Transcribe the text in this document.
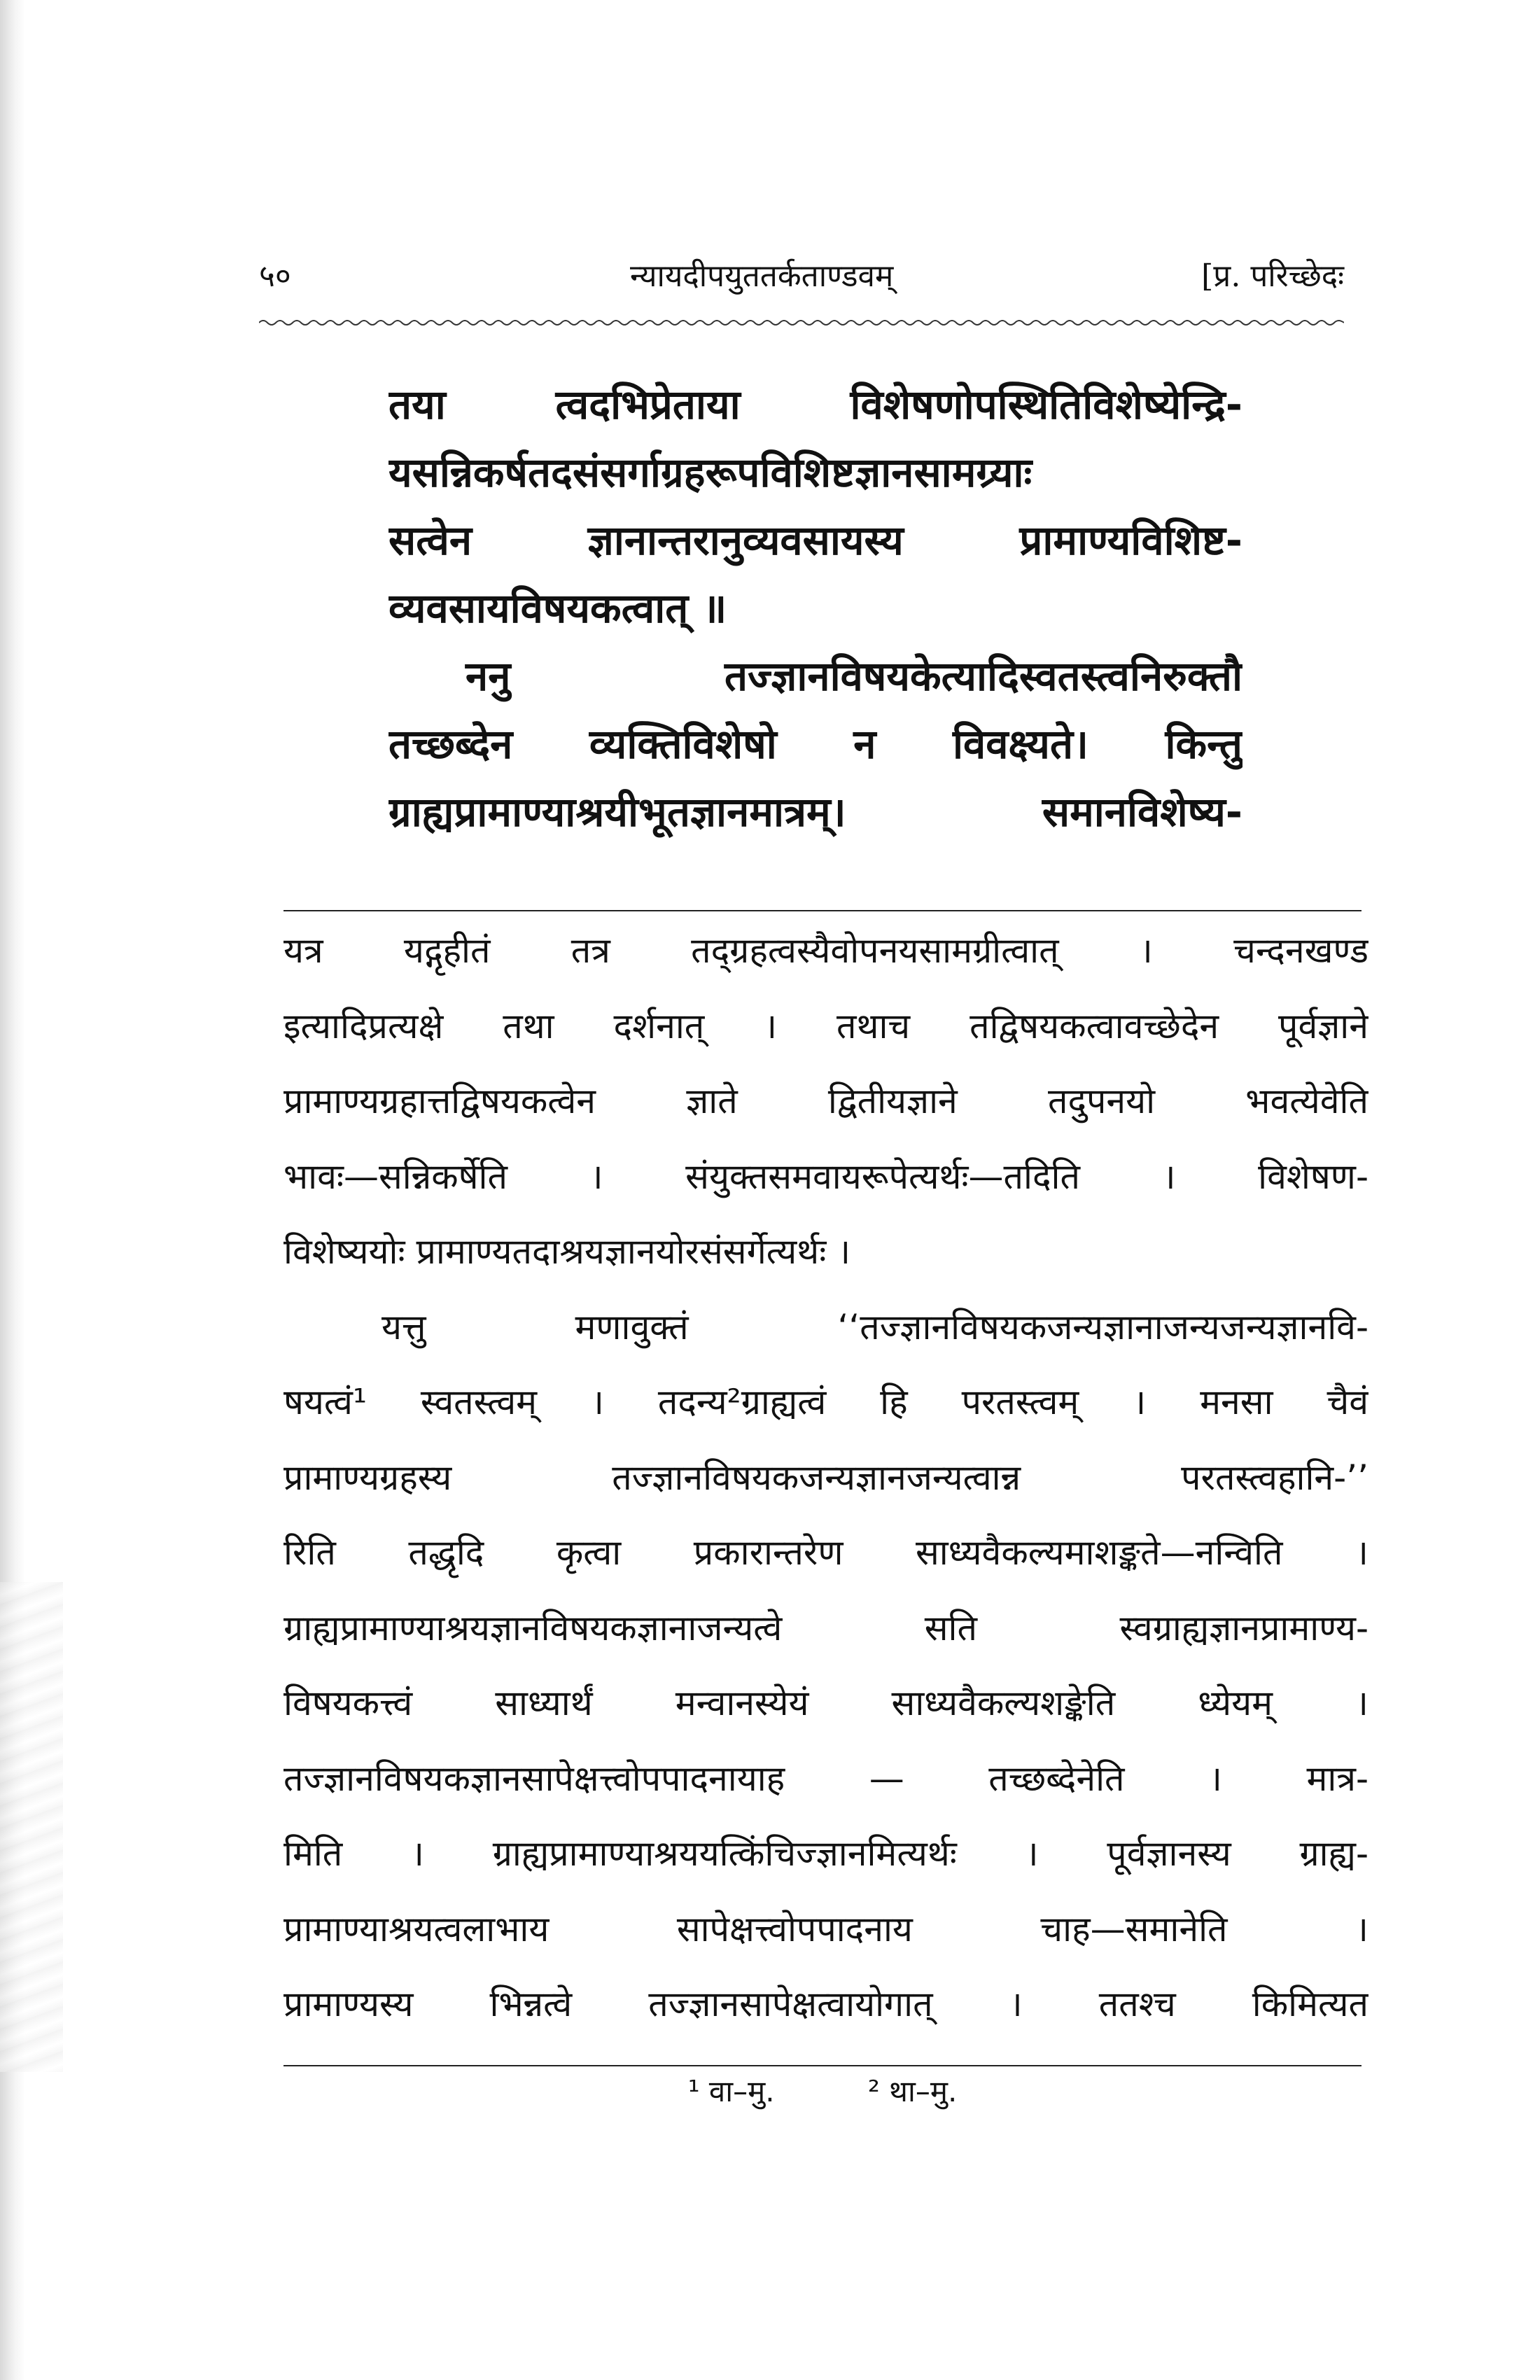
५०	न्यायदीपयुततर्कताण्डवम्	[प्र. परिच्छेदः
तया त्वदभिप्रेताया विशेषणोपस्थितिविशेष्येन्द्रि-
यसन्निकर्षतदसंसर्गाग्रहरूपविशिष्टज्ञानसामग्र्याः
सत्वेन ज्ञानान्तरानुव्यवसायस्य प्रामाण्यविशिष्ट-
व्यवसायविषयकत्वात् ॥
ननु तज्ज्ञानविषयकेत्यादिस्वतस्त्वनिरुक्तौ
तच्छब्देन व्यक्तिविशेषो न विवक्ष्यते। किन्तु
ग्राह्यप्रामाण्याश्रयीभूतज्ञानमात्रम्। समानविशेष्य-
यत्र यद्गृहीतं तत्र तद्ग्रहत्वस्यैवोपनयसामग्रीत्वात् । चन्दनखण्ड
इत्यादिप्रत्यक्षे तथा दर्शनात् । तथाच तद्विषयकत्वावच्छेदेन पूर्वज्ञाने
प्रामाण्यग्रहात्तद्विषयकत्वेन ज्ञाते द्वितीयज्ञाने तदुपनयो भवत्येवेति
भावः—सन्निकर्षेति । संयुक्तसमवायरूपेत्यर्थः—तदिति । विशेषण-
विशेष्ययोः प्रामाण्यतदाश्रयज्ञानयोरसंसर्गेत्यर्थः ।
यत्तु मणावुक्तं ‘‘तज्ज्ञानविषयकजन्यज्ञानाजन्यजन्यज्ञानवि-
षयत्वं¹ स्वतस्त्वम् । तदन्य²ग्राह्यत्वं हि परतस्त्वम् । मनसा चैवं
प्रामाण्यग्रहस्य तज्ज्ञानविषयकजन्यज्ञानजन्यत्वान्न परतस्त्वहानि-’’
रिति तद्धृदि कृत्वा प्रकारान्तरेण साध्यवैकल्यमाशङ्कते—नन्विति ।
ग्राह्यप्रामाण्याश्रयज्ञानविषयकज्ञानाजन्यत्वे सति स्वग्राह्यज्ञानप्रामाण्य-
विषयकत्त्वं साध्यार्थं मन्वानस्येयं साध्यवैकल्यशङ्केति ध्येयम् ।
तज्ज्ञानविषयकज्ञानसापेक्षत्त्वोपपादनायाह — तच्छब्देनेति । मात्र-
मिति । ग्राह्यप्रामाण्याश्रययत्किंचिज्ज्ञानमित्यर्थः । पूर्वज्ञानस्य ग्राह्य-
प्रामाण्याश्रयत्वलाभाय सापेक्षत्त्वोपपादनाय चाह—समानेति ।
प्रामाण्यस्य भिन्नत्वे तज्ज्ञानसापेक्षत्वायोगात् । ततश्च किमित्यत
¹ वा–मु.	² था–मु.
